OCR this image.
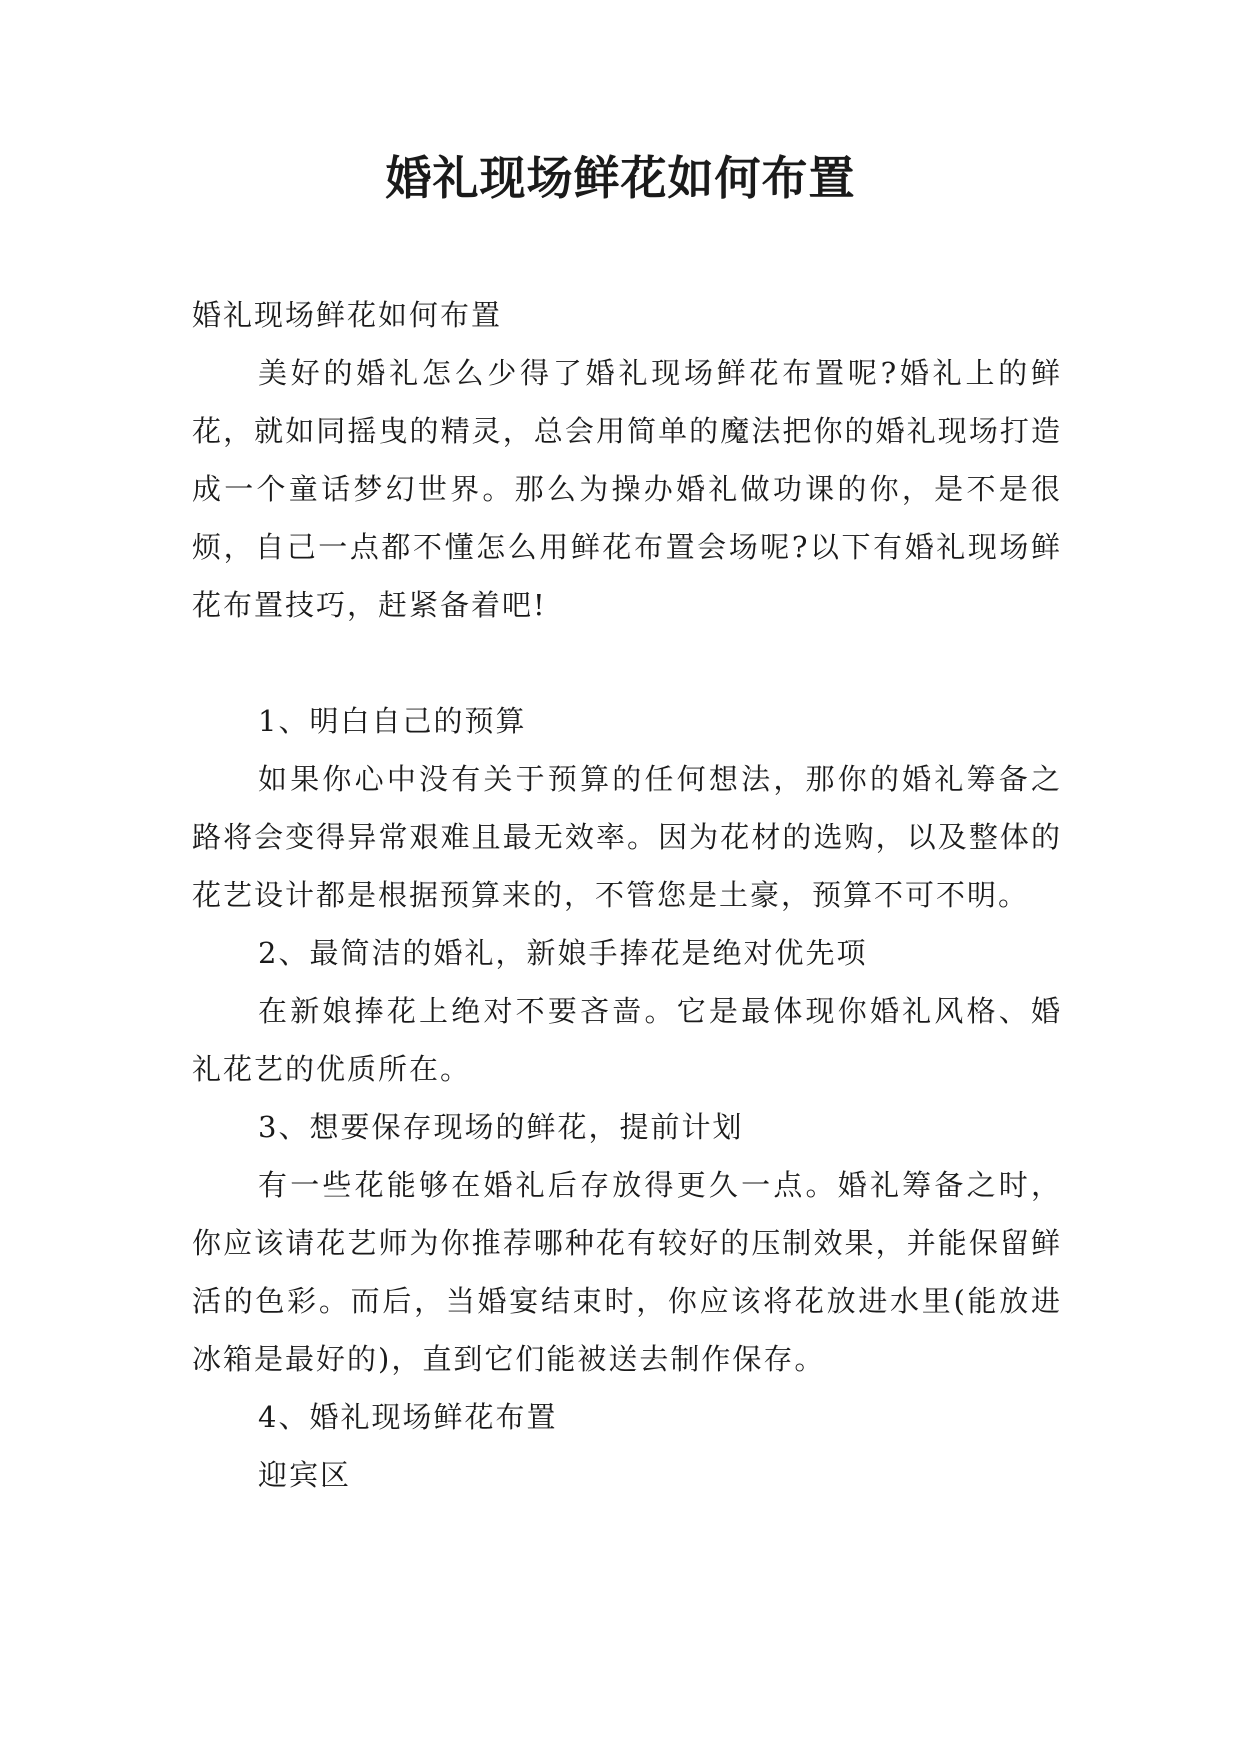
婚礼现场鲜花如何布置

婚礼现场鲜花如何布置

美好的婚礼怎么少得了婚礼现场鲜花布置呢?婚礼上的鲜花，就如同摇曳的精灵，总会用简单的魔法把你的婚礼现场打造成一个童话梦幻世界。那么为操办婚礼做功课的你，是不是很烦，自己一点都不懂怎么用鲜花布置会场呢?以下有婚礼现场鲜花布置技巧，赶紧备着吧!

1、明白自己的预算

如果你心中没有关于预算的任何想法，那你的婚礼筹备之路将会变得异常艰难且最无效率。因为花材的选购，以及整体的花艺设计都是根据预算来的，不管您是土豪，预算不可不明。

2、最简洁的婚礼，新娘手捧花是绝对优先项

在新娘捧花上绝对不要吝啬。它是最体现你婚礼风格、婚礼花艺的优质所在。

3、想要保存现场的鲜花，提前计划

有一些花能够在婚礼后存放得更久一点。婚礼筹备之时，你应该请花艺师为你推荐哪种花有较好的压制效果，并能保留鲜活的色彩。而后，当婚宴结束时，你应该将花放进水里(能放进冰箱是最好的)，直到它们能被送去制作保存。

4、婚礼现场鲜花布置

迎宾区
